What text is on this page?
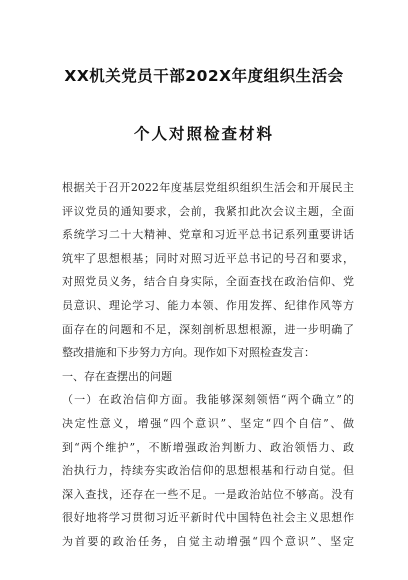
XX机关党员干部202X年度组织生活会
个人对照检查材料

根据关于召开2022年度基层党组织组织生活会和开展民主

评议党员的通知要求，会前，我紧扣此次会议主题，全面

系统学习二十大精神、党章和习近平总书记系列重要讲话

筑牢了思想根基；同时对照习近平总书记的号召和要求，

对照党员义务，结合自身实际，全面查找在政治信仰、党

员意识、理论学习、能力本领、作用发挥、纪律作风等方

面存在的问题和不足，深刻剖析思想根源，进一步明确了

整改措施和下步努力方向。现作如下对照检查发言：

一、存在查摆出的问题

（一）在政治信仰方面。我能够深刻领悟“两个确立”的

决定性意义，增强“四个意识”、坚定“四个自信”、做

到“两个维护”，不断增强政治判断力、政治领悟力、政

治执行力，持续夯实政治信仰的思想根基和行动自觉。但

深入查找，还存在一些不足。一是政治站位不够高。没有

很好地将学习贯彻习近平新时代中国特色社会主义思想作

为首要的政治任务，自觉主动增强“四个意识”、坚定
